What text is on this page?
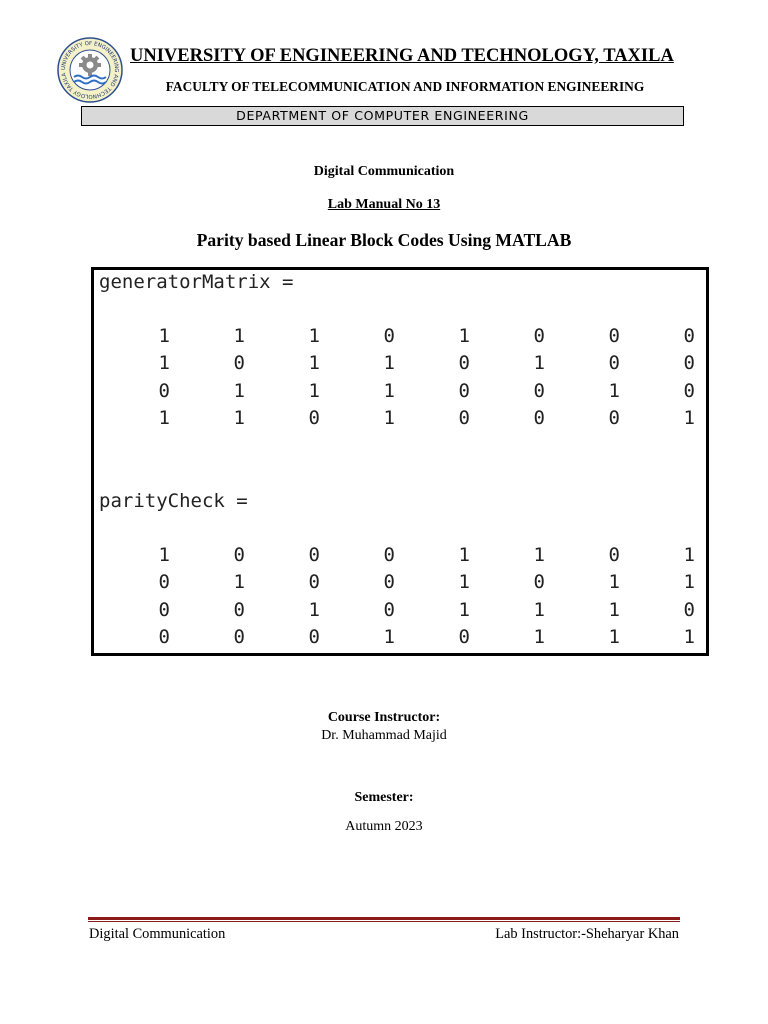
UNIVERSITY OF ENGINEERING AND TECHNOLOGY TAXILA
UNIVERSITY OF ENGINEERING AND TECHNOLOGY, TAXILA
FACULTY OF TELECOMMUNICATION AND INFORMATION ENGINEERING
DEPARTMENT OF COMPUTER ENGINEERING
Digital Communication
Lab Manual No 13
Parity based Linear Block Codes Using MATLAB
generatorMatrix =
1	1	1	0	1	0	0	0
1	0	1	1	0	1	0	0
0	1	1	1	0	0	1	0
1	1	0	1	0	0	0	1
parityCheck =
1	0	0	0	1	1	0	1
0	1	0	0	1	0	1	1
0	0	1	0	1	1	1	0
0	0	0	1	0	1	1	1
Course Instructor:
Dr. Muhammad Majid
Semester:
Autumn 2023
Digital Communication	Lab Instructor:-Sheharyar Khan
